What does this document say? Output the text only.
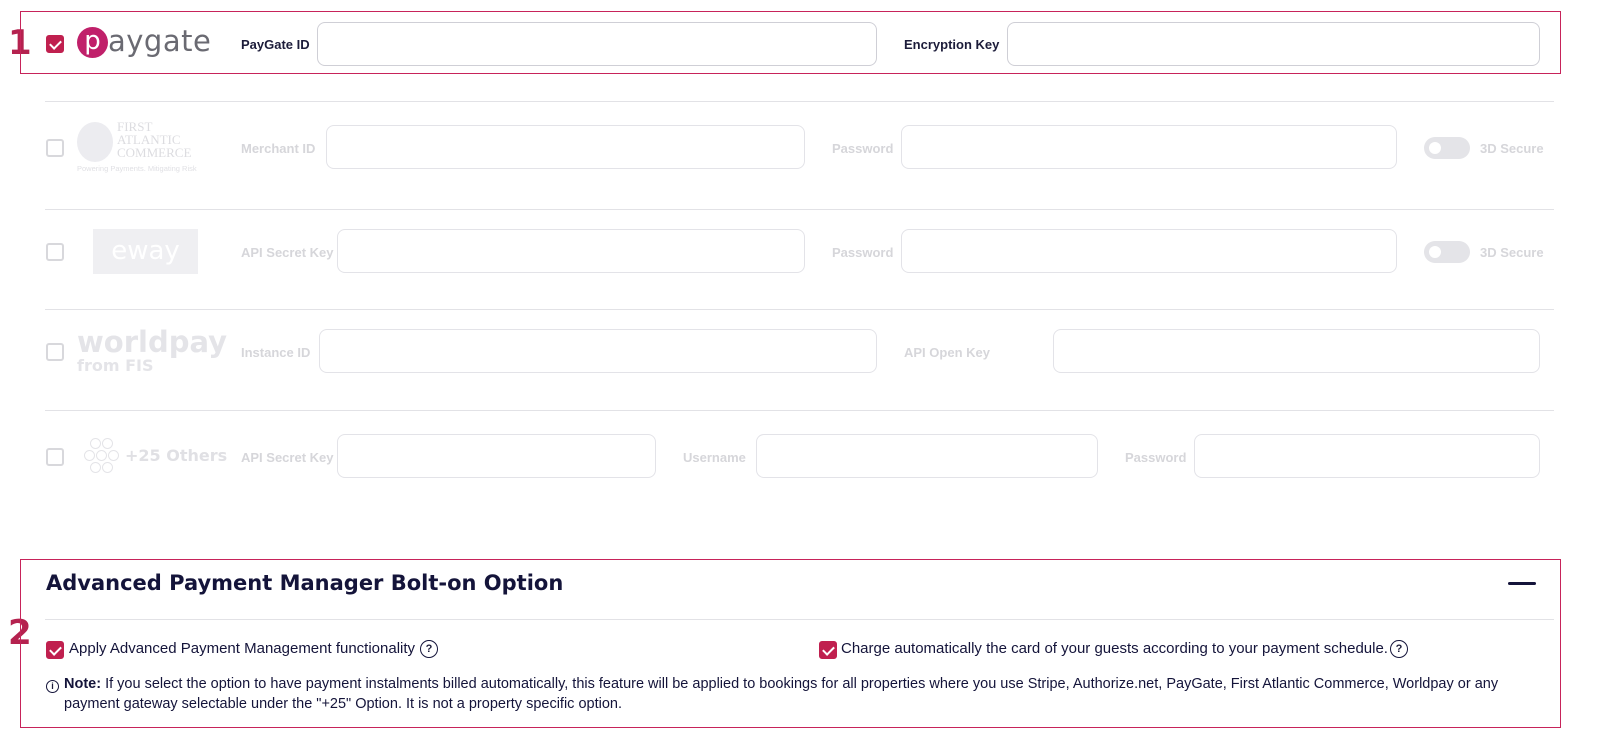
1
2
p aygate PayGate ID	Encryption Key
FIRST
ATLANTIC
COMMERCE
Powering Payments. Mitigating Risk
Merchant ID	Password	3D Secure
eway	API Secret Key	Password	3D Secure
worldpay
from FIS
Instance ID	API Open Key
+25 Others API Secret Key	Username	Password
Advanced Payment Manager Bolt-on Option
Apply Advanced Payment Management functionality ?	Charge automatically the card of your guests according to your payment schedule. ?
i Note: If you select the option to have payment instalments billed automatically, this feature will be applied to bookings for all properties where you use Stripe, Authorize.net, PayGate, First Atlantic Commerce, Worldpay or any payment gateway selectable under the "+25" Option. It is not a property specific option.
